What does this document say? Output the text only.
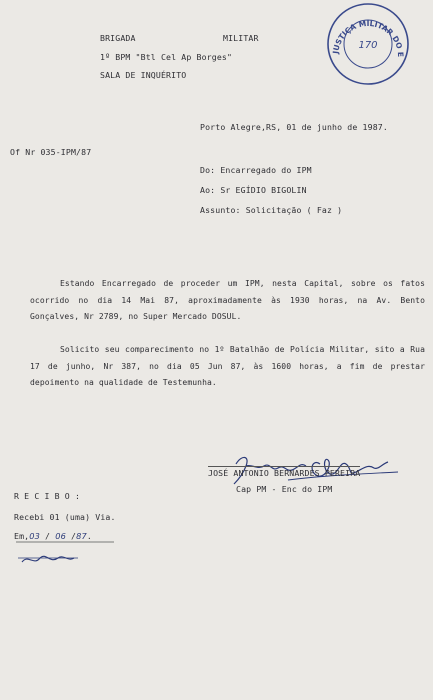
BRIGADA	MILITAR
1º BPM "Btl Cel Ap Borges"
SALA DE INQUÉRITO
JUSTIÇA MILITAR DO E
170
Porto Alegre,RS, 01 de junho de 1987.
Of Nr 035-IPM/87
Do: Encarregado do IPM
Ao: Sr EGÍDIO BIGOLIN
Assunto: Solicitação ( Faz )

Estando Encarregado de proceder um IPM, nesta Capital, sobre os fatos ocorrido no dia 14 Mai 87, aproximadamente às 1930 horas, na Av. Bento Gonçalves, Nr 2789, no Super Mercado DOSUL.

Solicito seu comparecimento no 1º Batalhão de Polícia Militar, sito a Rua 17 de junho, Nr 387, no dia 05 Jun 87, às 1600 horas, a fim de prestar depoimento na qualidade de Testemunha.

JOSÉ ANTONIO BERNARDES PEREIRA
Cap PM - Enc do IPM
R E C I B O :
Recebi 01 (uma) Via.
Em,03 / 06 /87.
